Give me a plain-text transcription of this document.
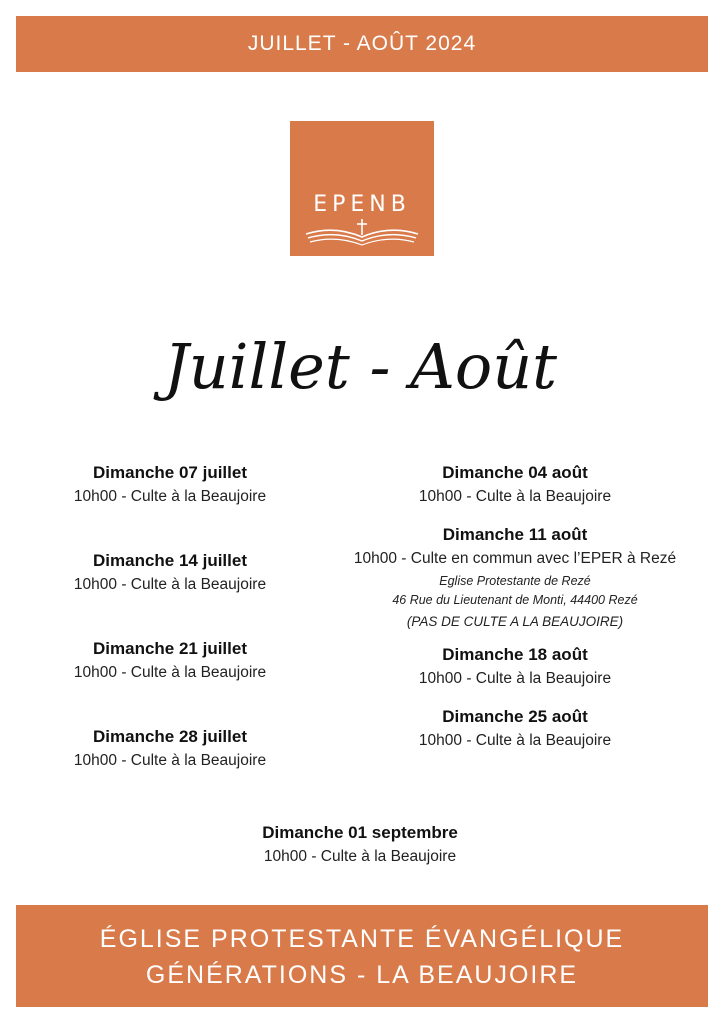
JUILLET - AOÛT 2024
EPENB
Juillet - Août
Dimanche 07 juillet
10h00 - Culte à la Beaujoire
Dimanche 14 juillet
10h00 - Culte à la Beaujoire
Dimanche 21 juillet
10h00 - Culte à la Beaujoire
Dimanche 28 juillet
10h00 - Culte à la Beaujoire
Dimanche 04 août
10h00 - Culte à la Beaujoire
Dimanche 11 août
10h00 - Culte en commun avec l’EPER à Rezé
Eglise Protestante de Rezé
46 Rue du Lieutenant de Monti, 44400 Rezé
(PAS DE CULTE A LA BEAUJOIRE)
Dimanche 18 août
10h00 - Culte à la Beaujoire
Dimanche 25 août
10h00 - Culte à la Beaujoire
Dimanche 01 septembre
10h00 - Culte à la Beaujoire
ÉGLISE PROTESTANTE ÉVANGÉLIQUE
GÉNÉRATIONS - LA BEAUJOIRE
